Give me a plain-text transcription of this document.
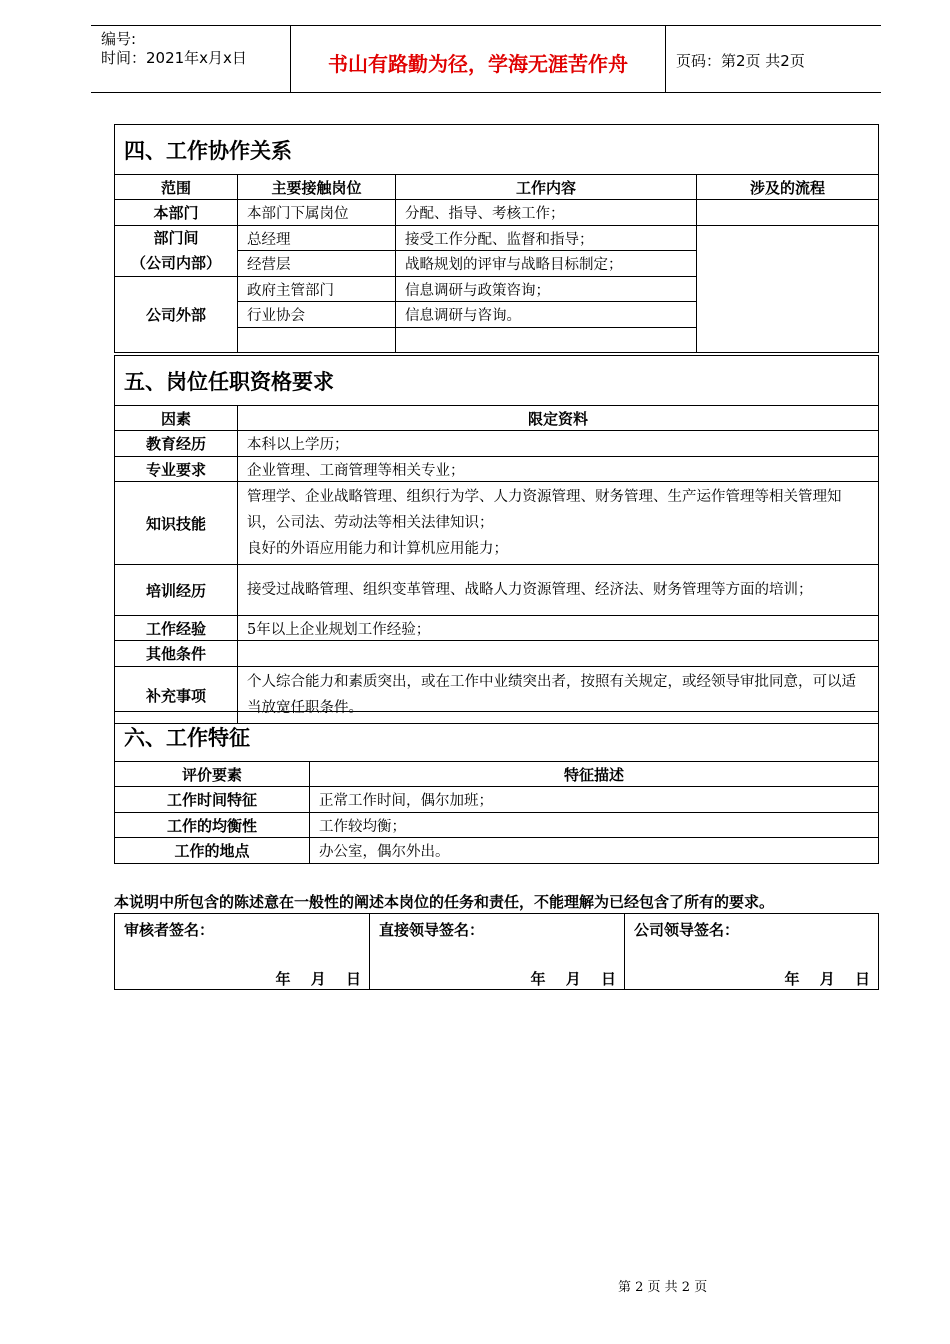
编号:
时间：2021年x月x日	书山有路勤为径，学海无涯苦作舟	页码：第2页 共2页
四、工作协作关系			
范围	主要接触岗位	工作内容	涉及的流程
本部门	本部门下属岗位	分配、指导、考核工作；	

部门间
（公司内部）	总经理	接受工作分配、监督和指导；	
	经营层	战略规划的评审与战略目标制定；	
公司外部	政府主管部门	信息调研与政策咨询；	
	行业协会	信息调研与咨询。	

五、岗位任职资格要求	
因素	限定资料
教育经历	本科以上学历；
专业要求	企业管理、工商管理等相关专业；
知识技能	管理学、企业战略管理、组织行为学、人力资源管理、财务管理、生产运作管理等相关管理知识，公司法、劳动法等相关法律知识；
良好的外语应用能力和计算机应用能力；

培训经历	接受过战略管理、组织变革管理、战略人力资源管理、经济法、财务管理等方面的培训；
工作经验	5年以上企业规划工作经验；
其他条件	
补充事项	个人综合能力和素质突出，或在工作中业绩突出者，按照有关规定，或经领导审批同意，可以适当放宽任职条件。
六、工作特征	
评价要素	特征描述
工作时间特征	正常工作时间，偶尔加班；
工作的均衡性	工作较均衡；
工作的地点	办公室，偶尔外出。
本说明中所包含的陈述意在一般性的阐述本岗位的任务和责任，不能理解为已经包含了所有的要求。
审核者签名：
年　 月　 日

直接领导签名：
年　 月　 日

公司领导签名：
年　 月　 日
第 2 页 共 2 页
